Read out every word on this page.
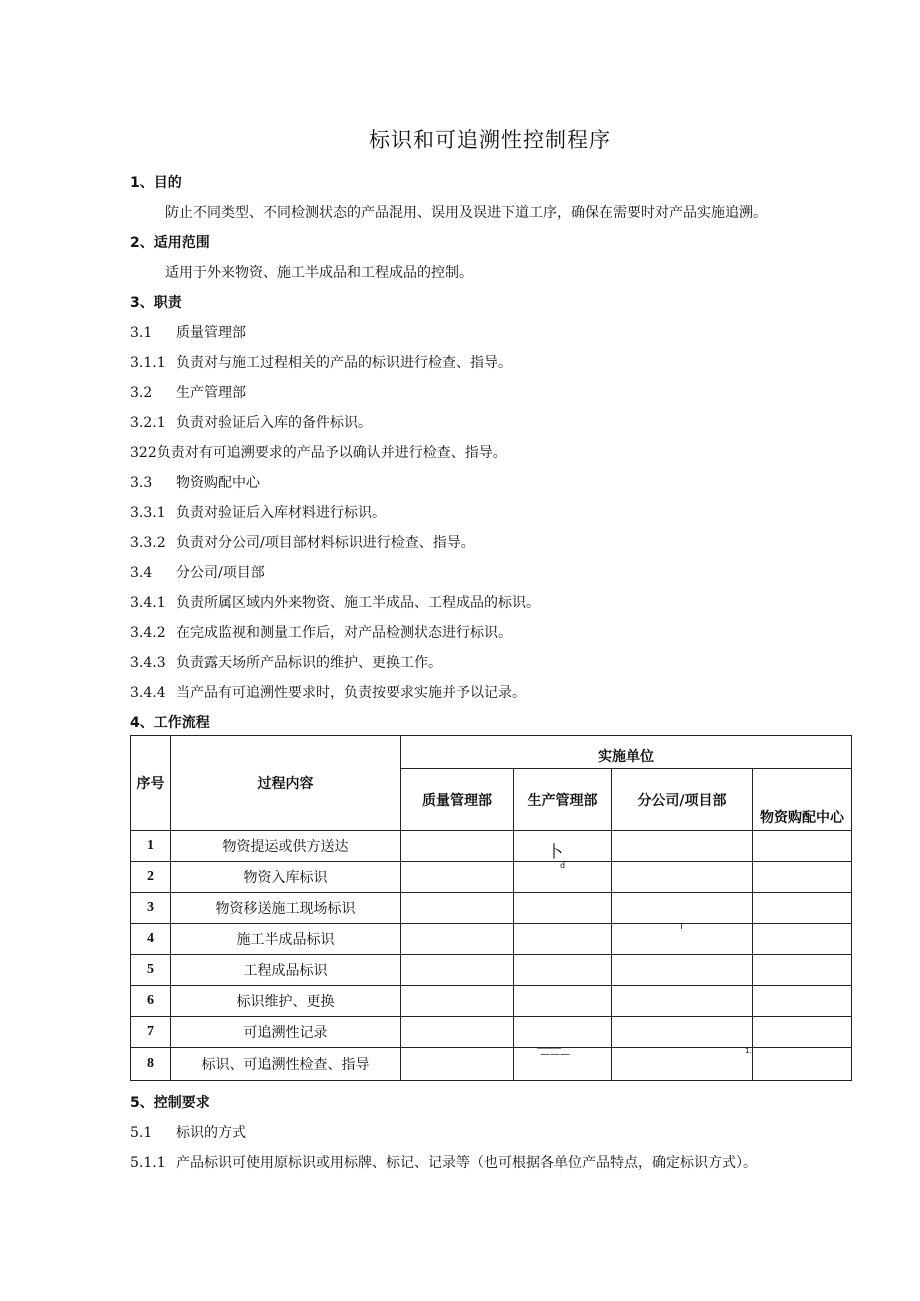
标识和可追溯性控制程序
1、目的
防止不同类型、不同检测状态的产品混用、误用及误进下道工序，确保在需要时对产品实施追溯。
2、适用范围
适用于外来物资、施工半成品和工程成品的控制。
3、职责
3.1 质量管理部
3.1.1 负责对与施工过程相关的产品的标识进行检查、指导。
3.2 生产管理部
3.2.1 负责对验证后入库的备件标识。
322负责对有可追溯要求的产品予以确认并进行检查、指导。
3.3 物资购配中心
3.3.1 负责对验证后入库材料进行标识。
3.3.2 负责对分公司/项目部材料标识进行检查、指导。
3.4 分公司/项目部
3.4.1 负责所属区域内外来物资、施工半成品、工程成品的标识。
3.4.2 在完成监视和测量工作后，对产品检测状态进行标识。
3.4.3 负责露天场所产品标识的维护、更换工作。
3.4.4 当产品有可追溯性要求时，负责按要求实施并予以记录。
4、工作流程
序号	过程内容	实施单位			
		质量管理部	生产管理部	分公司/项目部	物资购配中心
1	物资提运或供方送达				
2	物资入库标识				
3	物资移送施工现场标识				
4	施工半成品标识				
5	工程成品标识				
6	标识维护、更换				
7	可追溯性记录				
8	标识、可追溯性检查、指导				
卜
d
T
＿＿
———	1.
5、控制要求
5.1 标识的方式
5.1.1 产品标识可使用原标识或用标牌、标记、记录等（也可根据各单位产品特点，确定标识方式）。
